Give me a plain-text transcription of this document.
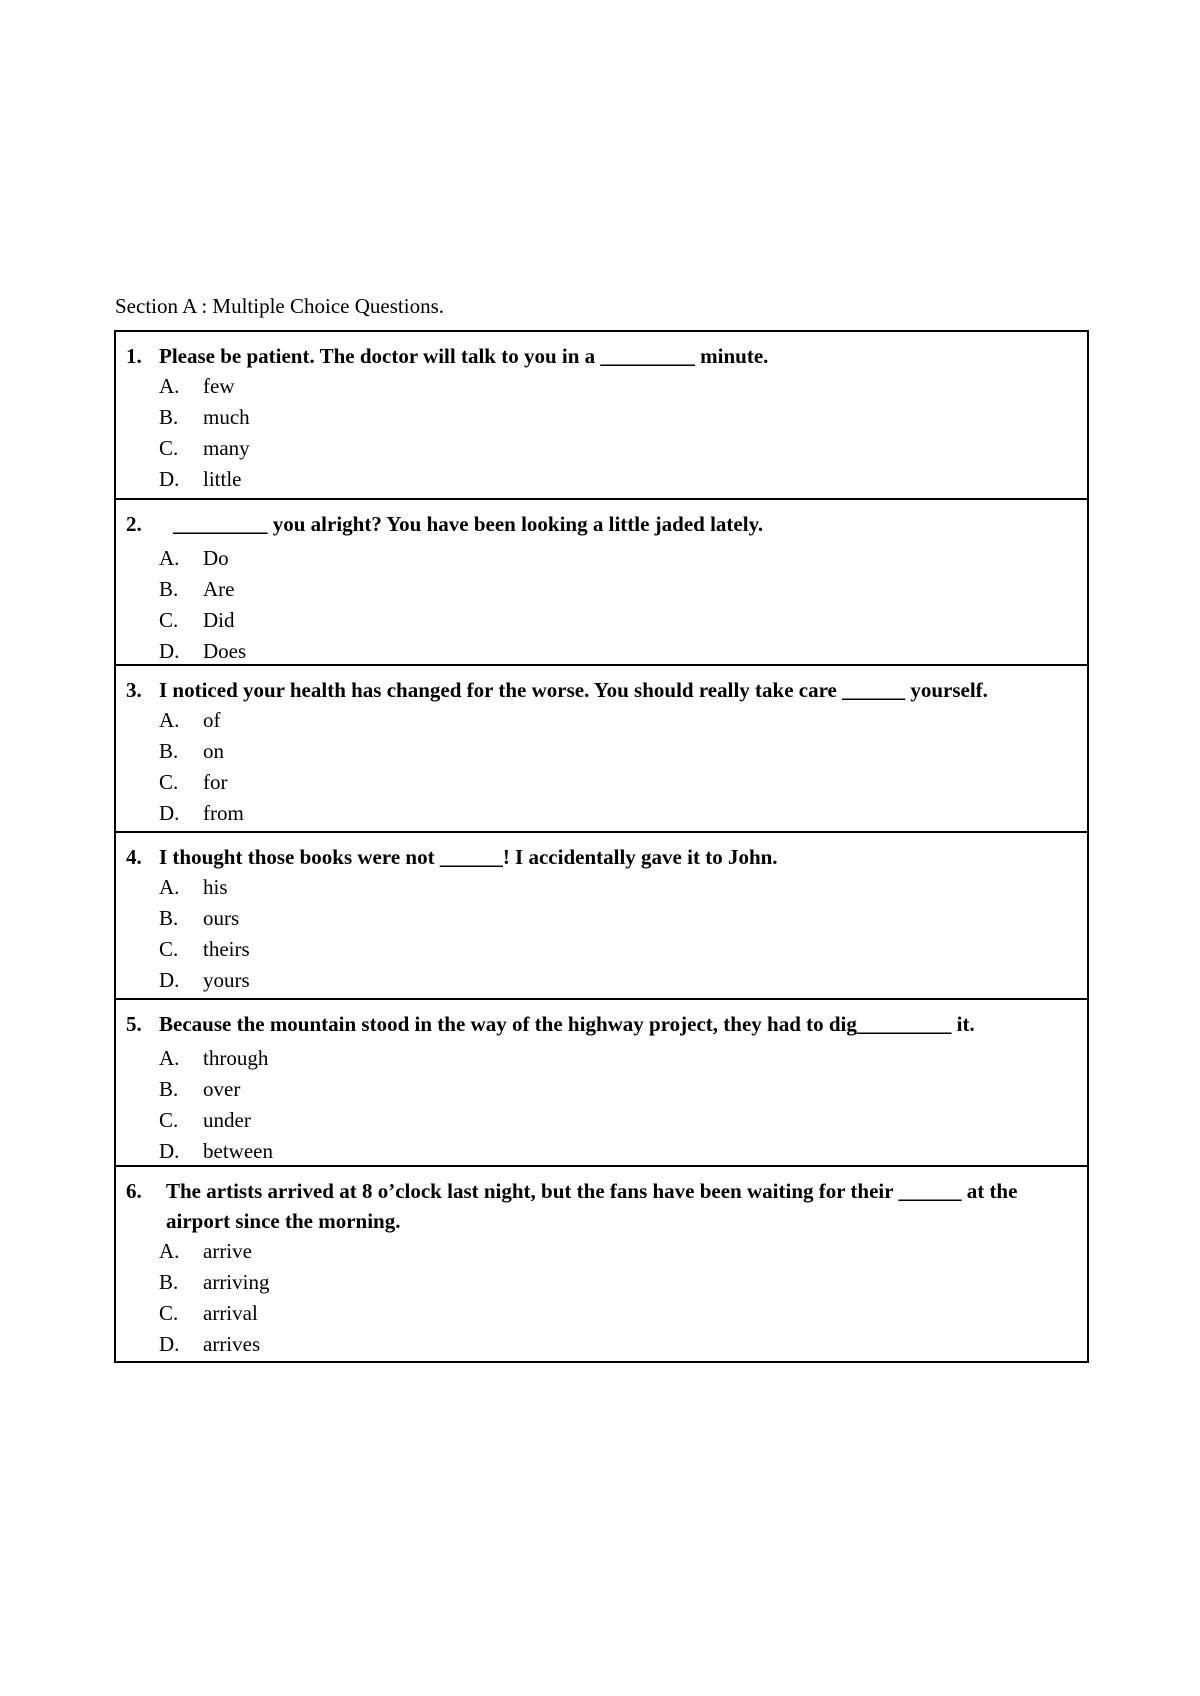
Section A : Multiple Choice Questions.
1. Please be patient. The doctor will talk to you in a _________ minute.
A.	few
B.	much
C.	many
D.	little
2.	_________ you alright? You have been looking a little jaded lately.
A.	Do
B.	Are
C.	Did
D.	Does
3. I noticed your health has changed for the worse. You should really take care ______ yourself.
A.	of
B.	on
C.	for
D.	from
4. I thought those books were not ______! I accidentally gave it to John.
A.	his
B.	ours
C.	theirs
D.	yours
5. Because the mountain stood in the way of the highway project, they had to dig_________ it.
A.	through
B.	over
C.	under
D.	between
6.	The artists arrived at 8 o’clock last night, but the fans have been waiting for their ______ at the airport since the morning.
A.	arrive
B.	arriving
C.	arrival
D.	arrives
